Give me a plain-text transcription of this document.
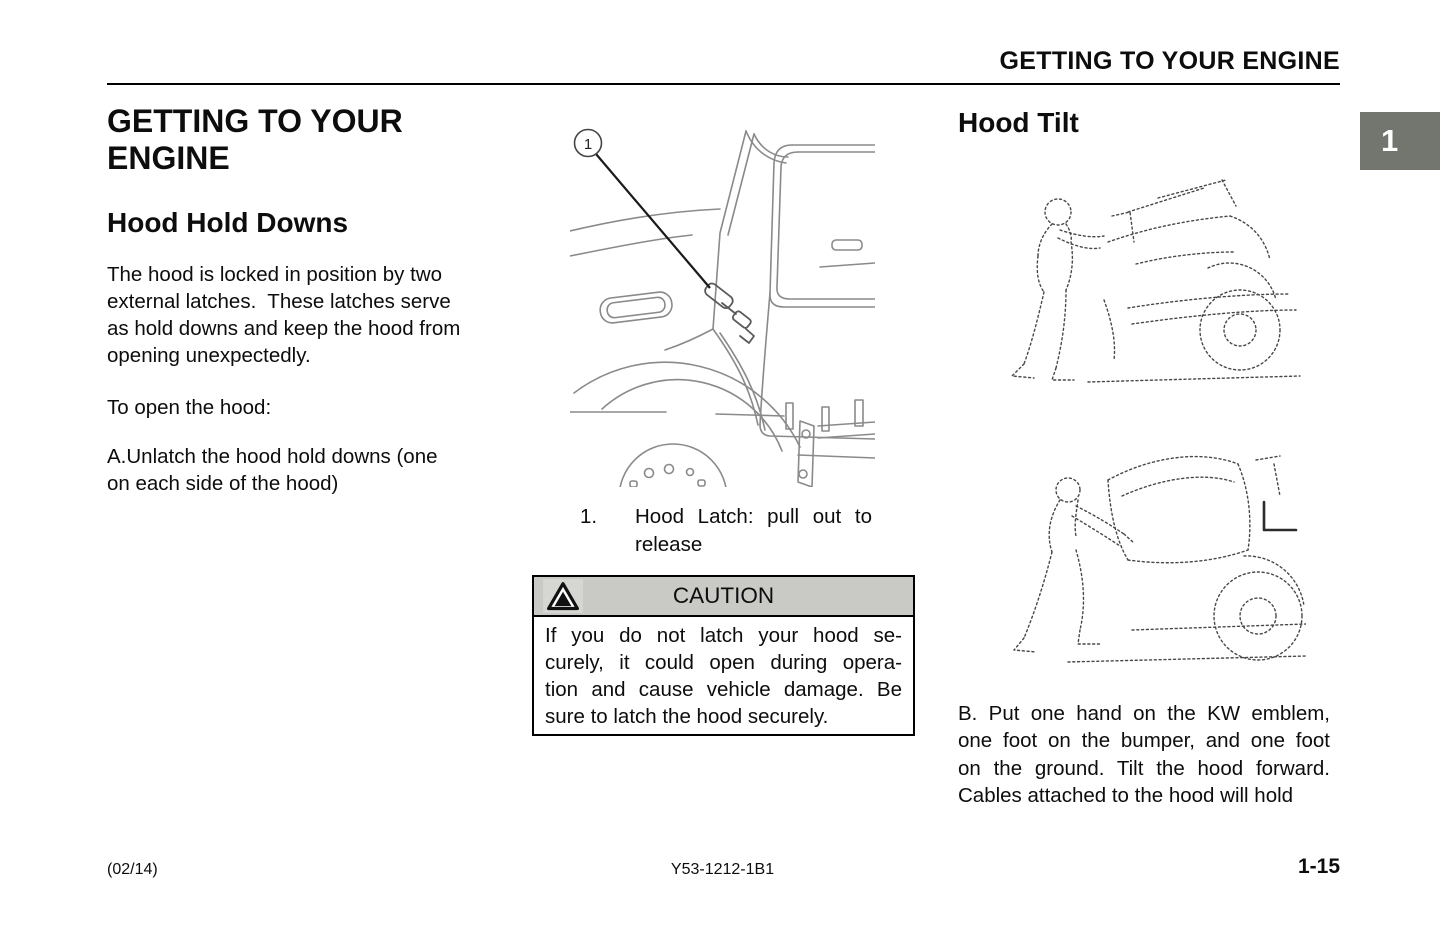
GETTING TO YOUR ENGINE
1
GETTING TO YOUR
ENGINE
Hood Hold Downs
The hood is locked in position by two
external latches.  These latches serve
as hold downs and keep the hood from
opening unexpectedly.
To open the hood:
A.Unlatch the hood hold downs (one
on each side of the hood)
1
1.	Hood Latch: pull out to
release
CAUTION
If you do not latch your hood se-
curely, it could open during opera-
tion and cause vehicle damage. Be
sure to latch the hood securely.
Hood Tilt
B. Put one hand on the KW emblem,
one foot on the bumper, and one foot
on the ground. Tilt the hood forward.
Cables attached to the hood will hold
(02/14)	Y53-1212-1B1	1-15
